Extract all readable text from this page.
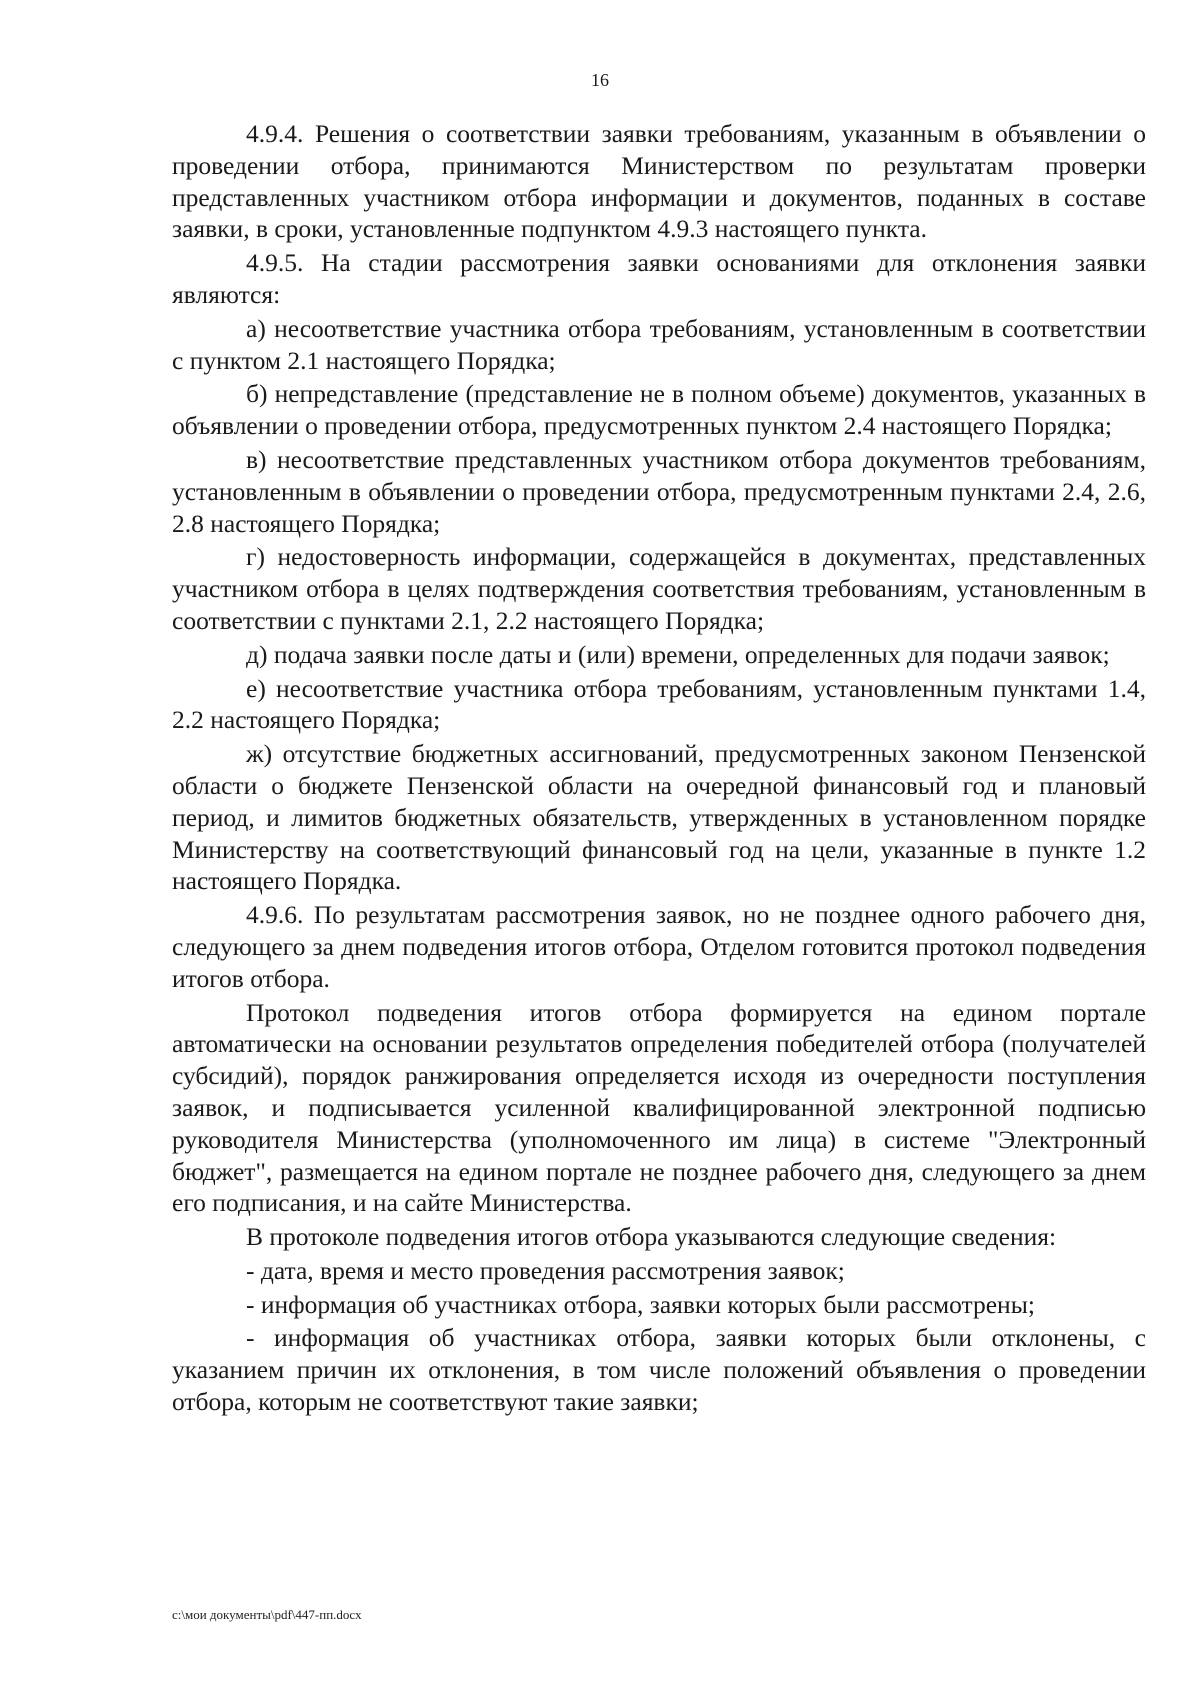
16

4.9.4. Решения о соответствии заявки требованиям, указанным в объявлении о проведении отбора, принимаются Министерством по результатам проверки представленных участником отбора информации и документов, поданных в составе заявки, в сроки, установленные подпунктом 4.9.3 настоящего пункта.

4.9.5. На стадии рассмотрения заявки основаниями для отклонения заявки являются:

а) несоответствие участника отбора требованиям, установленным в соответствии с пунктом 2.1 настоящего Порядка;

б) непредставление (представление не в полном объеме) документов, указанных в объявлении о проведении отбора, предусмотренных пунктом 2.4 настоящего Порядка;

в) несоответствие представленных участником отбора документов требованиям, установленным в объявлении о проведении отбора, предусмотренным пунктами 2.4, 2.6, 2.8 настоящего Порядка;

г) недостоверность информации, содержащейся в документах, представленных участником отбора в целях подтверждения соответствия требованиям, установленным в соответствии с пунктами 2.1, 2.2 настоящего Порядка;

д) подача заявки после даты и (или) времени, определенных для подачи заявок;

е) несоответствие участника отбора требованиям, установленным пунктами 1.4, 2.2 настоящего Порядка;

ж) отсутствие бюджетных ассигнований, предусмотренных законом Пензенской области о бюджете Пензенской области на очередной финансовый год и плановый период, и лимитов бюджетных обязательств, утвержденных в установленном порядке Министерству на соответствующий финансовый год на цели, указанные в пункте 1.2 настоящего Порядка.

4.9.6. По результатам рассмотрения заявок, но не позднее одного рабочего дня, следующего за днем подведения итогов отбора, Отделом готовится протокол подведения итогов отбора.

Протокол подведения итогов отбора формируется на едином портале автоматически на основании результатов определения победителей отбора (получателей субсидий), порядок ранжирования определяется исходя из очередности поступления заявок, и подписывается усиленной квалифицированной электронной подписью руководителя Министерства (уполномоченного им лица) в системе "Электронный бюджет", размещается на едином портале не позднее рабочего дня, следующего за днем его подписания, и на сайте Министерства.

В протоколе подведения итогов отбора указываются следующие сведения:

- дата, время и место проведения рассмотрения заявок;

- информация об участниках отбора, заявки которых были рассмотрены;

- информация об участниках отбора, заявки которых были отклонены, с указанием причин их отклонения, в том числе положений объявления о проведении отбора, которым не соответствуют такие заявки;

c:\мои документы\pdf\447-пп.docx
